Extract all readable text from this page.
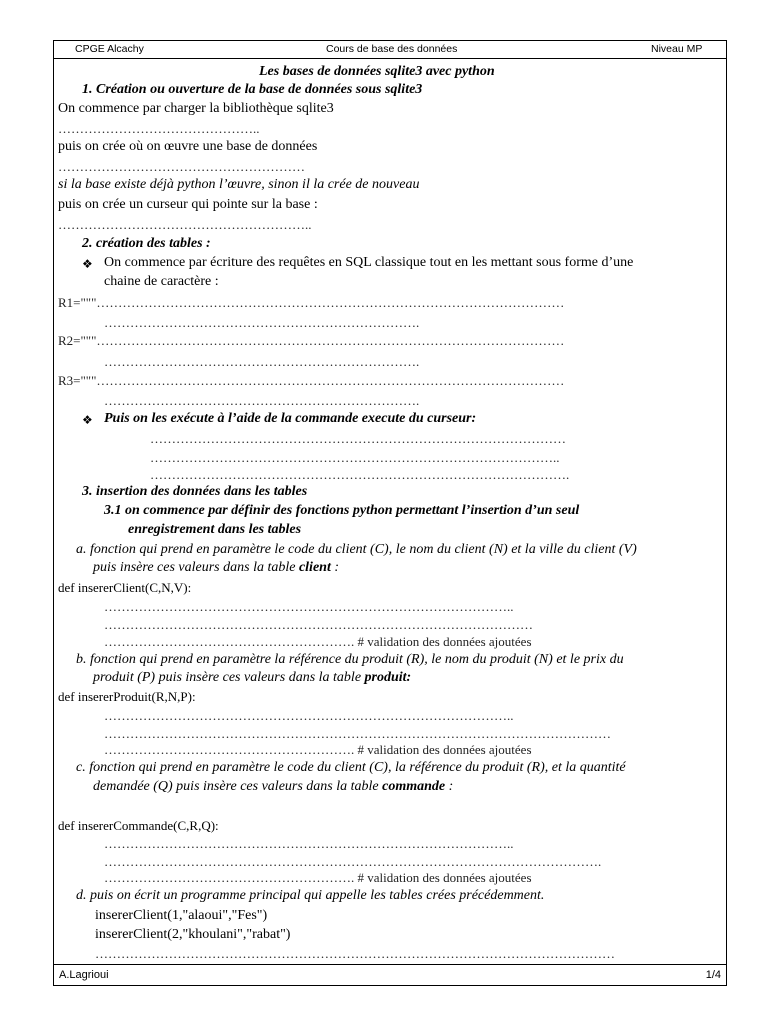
CPGE Alcachy	Cours de base des données	Niveau MP
Les bases de données sqlite3 avec python
1. Création ou ouverture de la base de données sous sqlite3
On commence par charger la bibliothèque sqlite3
………………………………………..
puis on crée où on œuvre une base de données
…………………………………………………
si la base existe déjà python l’œuvre, sinon il la crée de nouveau
puis on crée un curseur qui pointe sur la base :
…………………………………………………..
2. création des tables :
❖ On commence par écriture des requêtes en SQL classique tout en les mettant sous forme d’une
chaine de caractère :
R1="""………………………………………………………………………………………………
……………………………………………………………….
R2="""………………………………………………………………………………………………
……………………………………………………………….
R3="""………………………………………………………………………………………………
……………………………………………………………….
❖ Puis on les exécute à l’aide de la commande execute du curseur:
……………………………………………………………………………………
…………………………………………………………………………………..
…………………………………………………………………………………….
3. insertion des données dans les tables
3.1 on commence par définir des fonctions python permettant l’insertion d’un seul
enregistrement dans les tables
a. fonction qui prend en paramètre le code du client (C), le nom du client (N) et la ville du client (V)
puis insère ces valeurs dans la table client :
def insererClient(C,N,V):
…………………………………………………………………………………..
………………………………………………………………………………………
…………………………………………………. # validation des données ajoutées
b. fonction qui prend en paramètre la référence du produit (R), le nom du produit (N) et le prix du
produit (P) puis insère ces valeurs dans la table produit:
def insererProduit(R,N,P):
…………………………………………………………………………………..
………………………………………………………………………………………………………
…………………………………………………. # validation des données ajoutées
c. fonction qui prend en paramètre le code du client (C), la référence du produit (R), et la quantité
demandée (Q) puis insère ces valeurs dans la table commande :
def insererCommande(C,R,Q):
…………………………………………………………………………………..
…………………………………………………………………………………………………….
…………………………………………………. # validation des données ajoutées
d. puis on écrit un programme principal qui appelle les tables crées précédemment.
insererClient(1,"alaoui","Fes")
insererClient(2,"khoulani","rabat")
…………………………………………………………………………………………………………
A.Lagrioui	1/4
